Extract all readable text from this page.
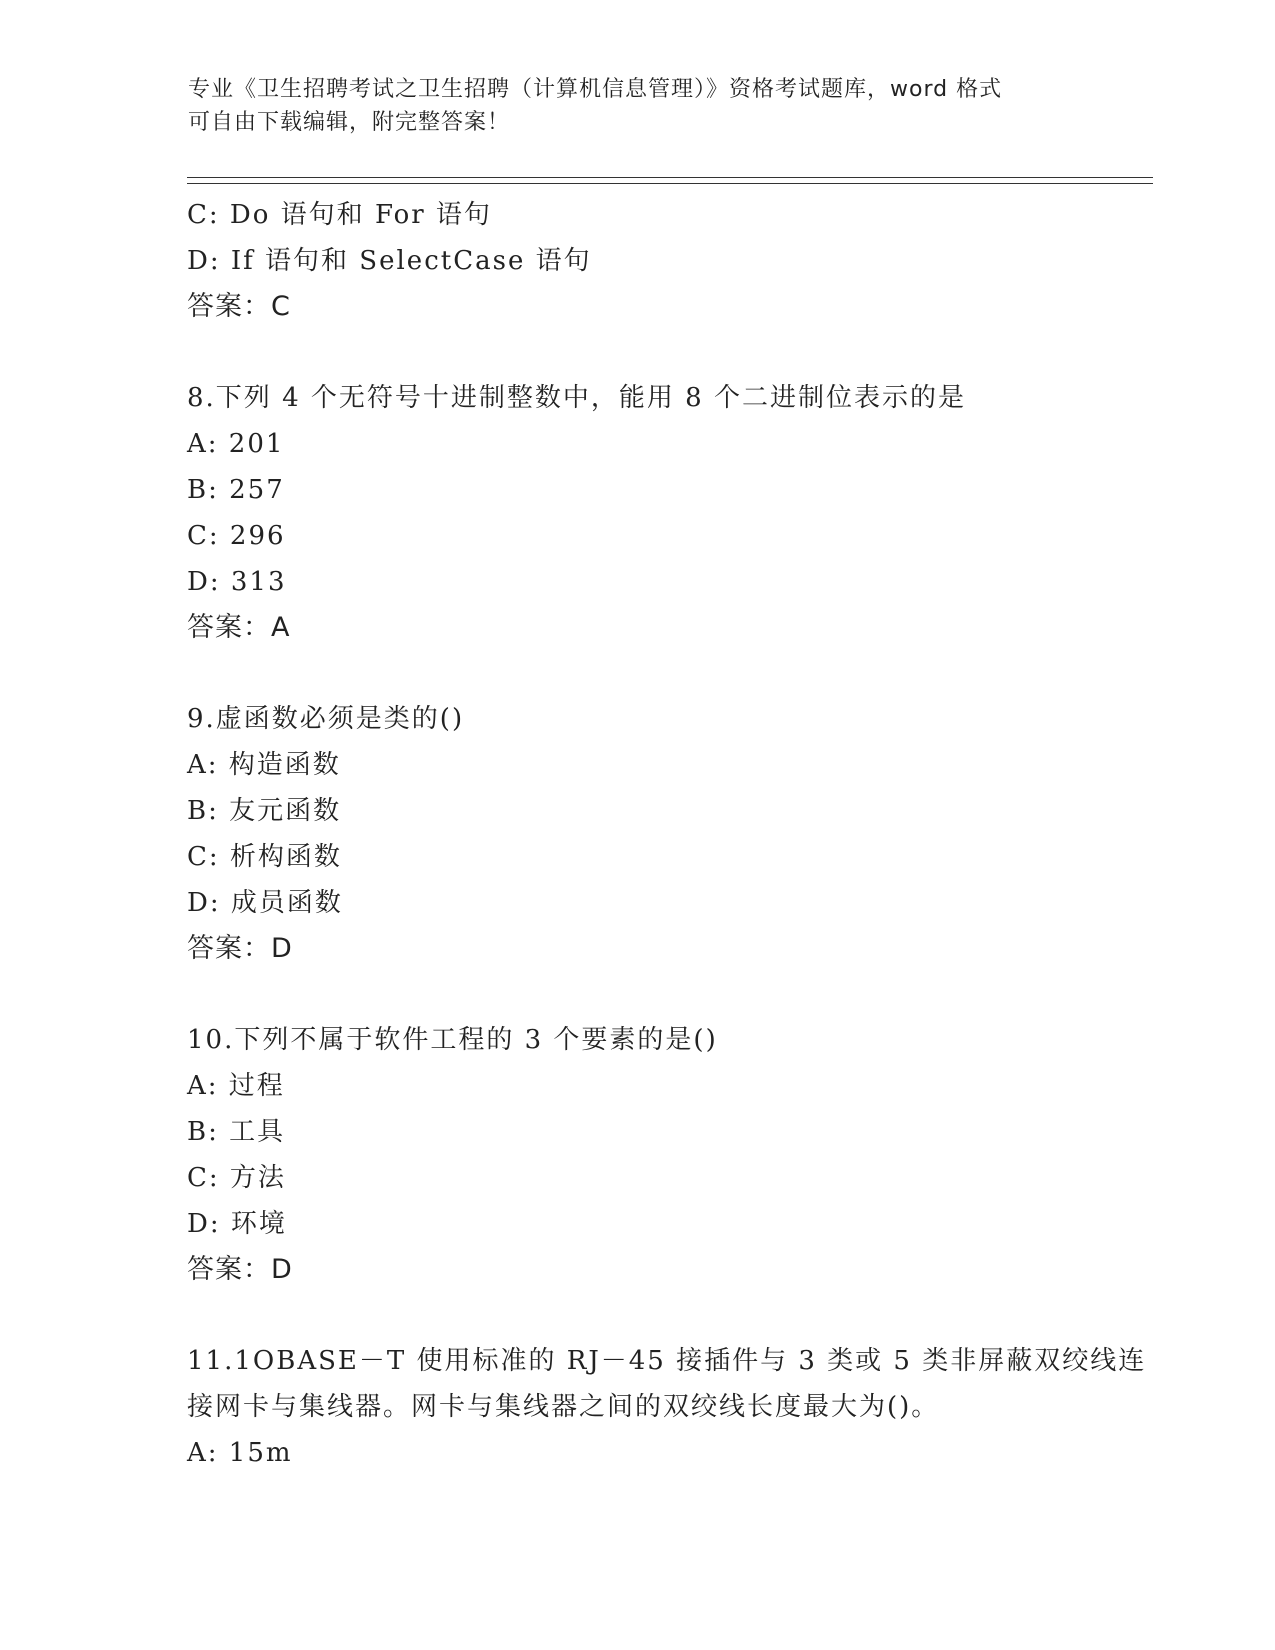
专业《卫生招聘考试之卫生招聘（计算机信息管理）》资格考试题库，word 格式
可自由下载编辑，附完整答案！
C: Do 语句和 For 语句
D: If 语句和 SelectCase 语句
答案：C
8.下列 4 个无符号十进制整数中，能用 8 个二进制位表示的是
A: 201
B: 257
C: 296
D: 313
答案：A
9.虚函数必须是类的()
A: 构造函数
B: 友元函数
C: 析构函数
D: 成员函数
答案：D
10.下列不属于软件工程的 3 个要素的是()
A: 过程
B: 工具
C: 方法
D: 环境
答案：D
11.1OBASE－T 使用标准的 RJ－45 接插件与 3 类或 5 类非屏蔽双绞线连
接网卡与集线器。网卡与集线器之间的双绞线长度最大为()。
A: 15m
